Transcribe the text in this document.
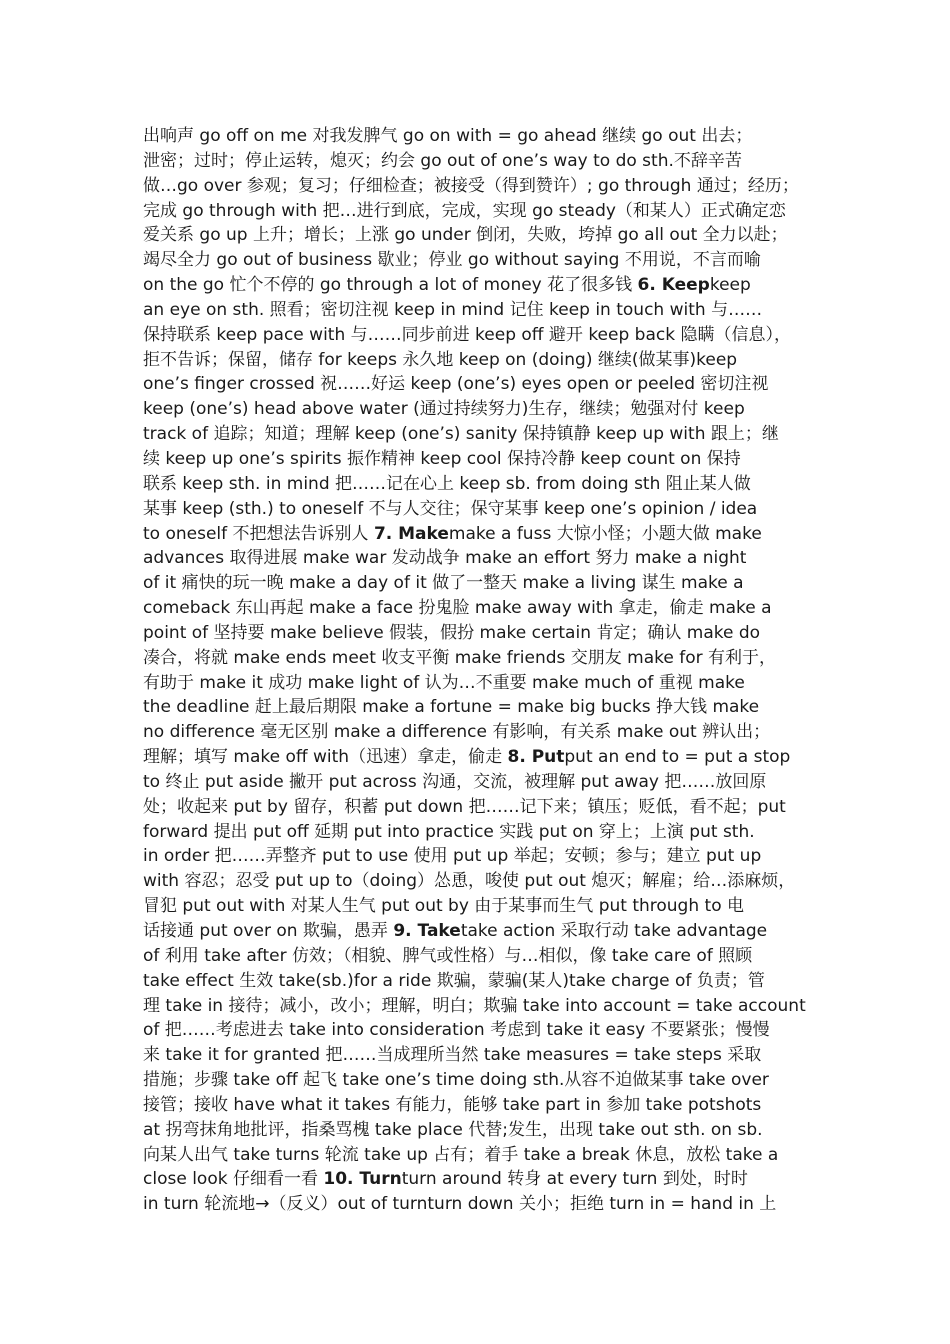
出响声 go off on me 对我发脾气 go on with = go ahead 继续 go out 出去；
泄密；过时；停止运转，熄灭；约会 go out of one’s way to do sth.不辞辛苦
做…go over 参观；复习；仔细检查；被接受（得到赞许）; go through 通过；经历；
完成 go through with 把…进行到底，完成，实现 go steady（和某人）正式确定恋
爱关系 go up 上升；增长；上涨 go under 倒闭，失败，垮掉 go all out 全力以赴；
竭尽全力 go out of business 歇业；停业 go without saying 不用说，不言而喻
on the go 忙个不停的 go through a lot of money 花了很多钱 6. Keepkeep
an eye on sth. 照看；密切注视 keep in mind 记住 keep in touch with 与……
保持联系 keep pace with 与……同步前进 keep off 避开 keep back 隐瞒（信息），
拒不告诉；保留，储存 for keeps 永久地 keep on (doing) 继续(做某事)keep
one’s finger crossed 祝……好运 keep (one’s) eyes open or peeled 密切注视
keep (one’s) head above water (通过持续努力)生存，继续；勉强对付 keep
track of 追踪；知道；理解 keep (one’s) sanity 保持镇静 keep up with 跟上；继
续 keep up one’s spirits 振作精神 keep cool 保持冷静 keep count on 保持
联系 keep sth. in mind 把……记在心上 keep sb. from doing sth 阻止某人做
某事 keep (sth.) to oneself 不与人交往；保守某事 keep one’s opinion / idea
to oneself 不把想法告诉别人 7. Makemake a fuss 大惊小怪；小题大做 make
advances 取得进展 make war 发动战争 make an effort 努力 make a night
of it 痛快的玩一晚 make a day of it 做了一整天 make a living 谋生 make a
comeback 东山再起 make a face 扮鬼脸 make away with 拿走，偷走 make a
point of 坚持要 make believe 假装，假扮 make certain 肯定；确认 make do
凑合，将就 make ends meet 收支平衡 make friends 交朋友 make for 有利于，
有助于 make it 成功 make light of 认为…不重要 make much of 重视 make
the deadline 赶上最后期限 make a fortune = make big bucks 挣大钱 make
no difference 毫无区别 make a difference 有影响，有关系 make out 辨认出；
理解；填写 make off with（迅速）拿走，偷走 8. Putput an end to = put a stop
to 终止 put aside 撇开 put across 沟通，交流，被理解 put away 把……放回原
处；收起来 put by 留存，积蓄 put down 把……记下来；镇压；贬低，看不起；put
forward 提出 put off 延期 put into practice 实践 put on 穿上；上演 put sth.
in order 把……弄整齐 put to use 使用 put up 举起；安顿；参与；建立 put up
with 容忍；忍受 put up to（doing）怂恿，唆使 put out 熄灭；解雇；给…添麻烦，
冒犯 put out with 对某人生气 put out by 由于某事而生气 put through to 电
话接通 put over on 欺骗，愚弄 9. Taketake action 采取行动 take advantage
of 利用 take after 仿效；（相貌、脾气或性格）与…相似，像 take care of 照顾
take effect 生效 take(sb.)for a ride 欺骗，蒙骗(某人)take charge of 负责；管
理 take in 接待；减小，改小；理解，明白；欺骗 take into account = take account
of 把……考虑进去 take into consideration 考虑到 take it easy 不要紧张；慢慢
来 take it for granted 把……当成理所当然 take measures = take steps 采取
措施；步骤 take off 起飞 take one’s time doing sth.从容不迫做某事 take over
接管；接收 have what it takes 有能力，能够 take part in 参加 take potshots
at 拐弯抹角地批评，指桑骂槐 take place 代替;发生，出现 take out sth. on sb.
向某人出气 take turns 轮流 take up 占有；着手 take a break 休息，放松 take a
close look 仔细看一看 10. Turnturn around 转身 at every turn 到处，时时
in turn 轮流地→（反义）out of turnturn down 关小；拒绝 turn in = hand in 上
